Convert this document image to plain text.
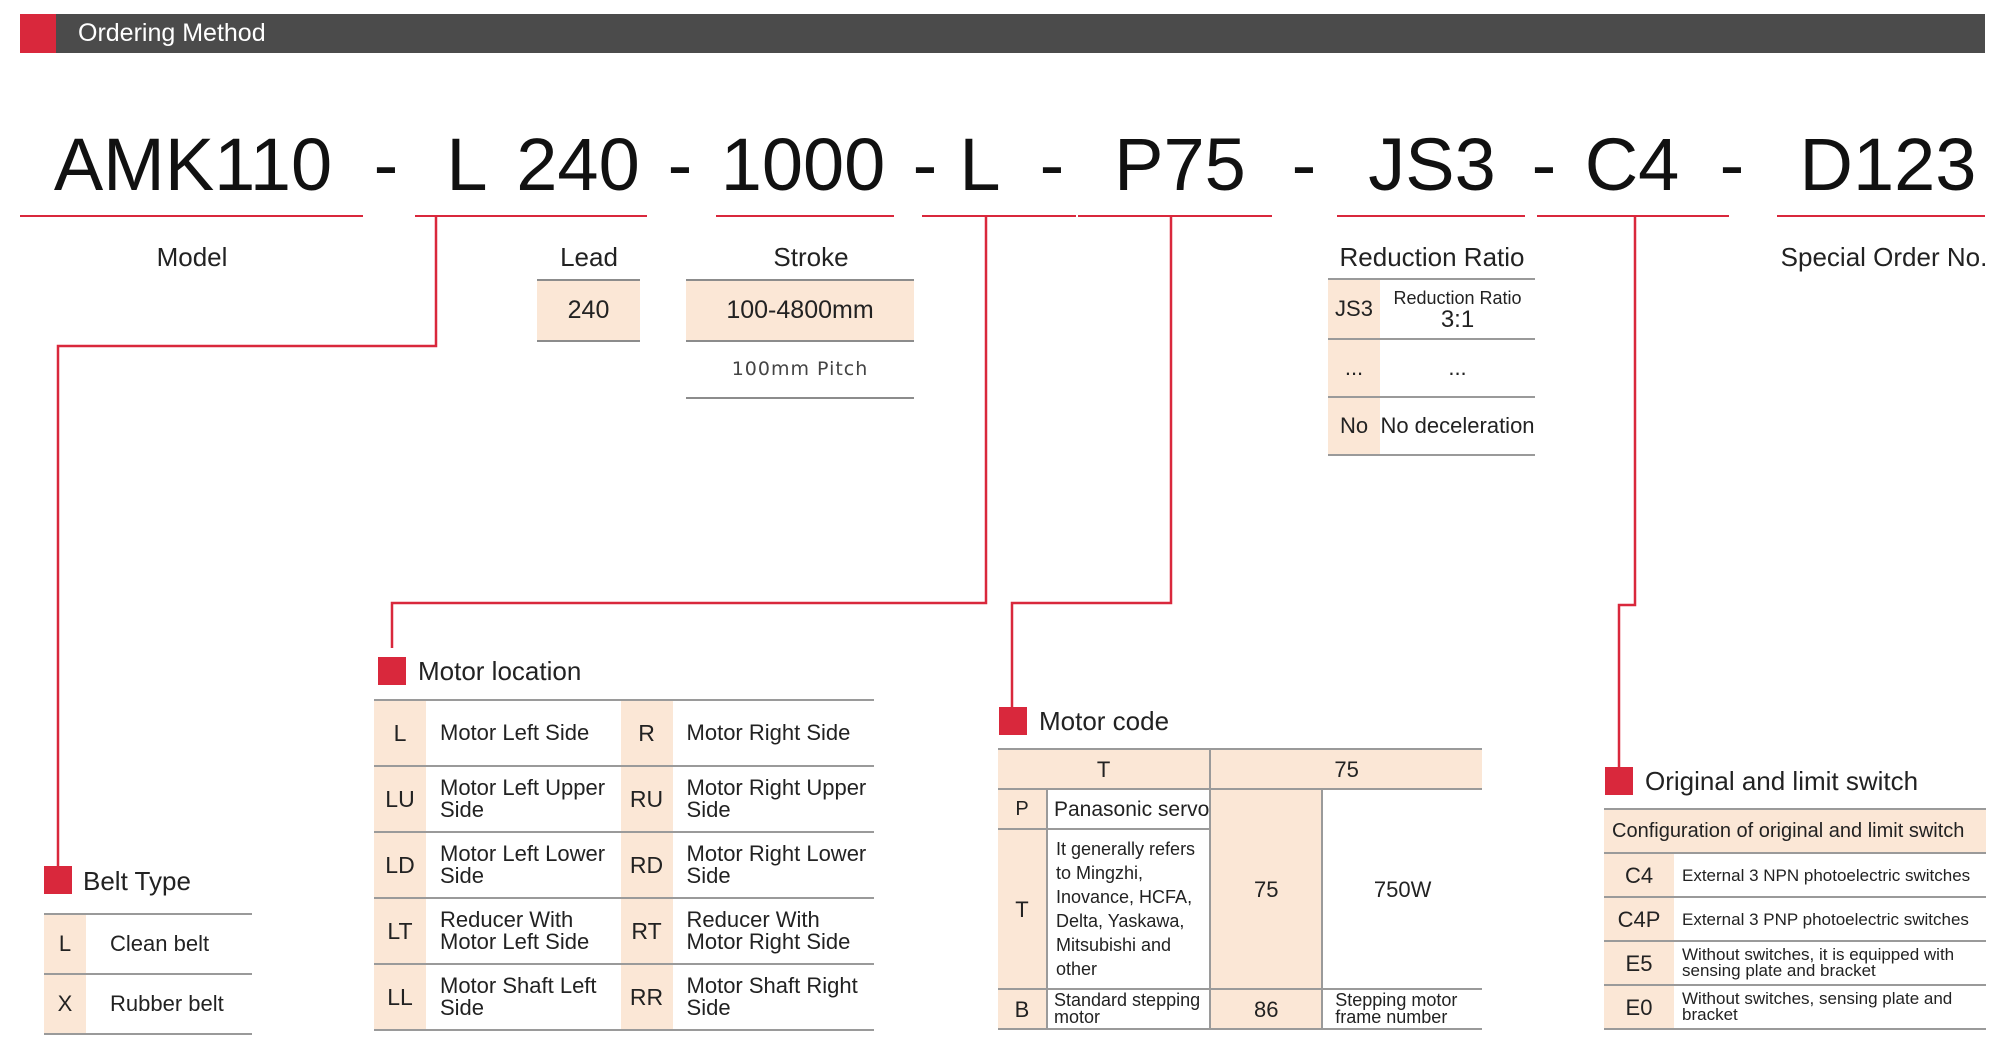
Ordering Method
AMK110 - L 240 - 1000 - L - P75 - JS3 - C4 - D123
Model	Lead	Stroke	Reduction Ratio	Special Order No.
240	100-4800mm
100mm Pitch
JS3	Reduction Ratio
3:1

...	...
No	No deceleration
Motor location
L	Motor Left Side	R	Motor Right Side
LU	Motor Left Upper Side	RU	Motor Right Upper Side
LD	Motor Left Lower Side	RD	Motor Right Lower Side
LT	Reducer With Motor Left Side	RT	Reducer With Motor Right Side
LL	Motor Shaft Left Side	RR	Motor Shaft Right Side
Belt Type
L	Clean belt
X	Rubber belt
Motor code
T		75	
P	Panasonic servo	75	750W
T	It generally refers to Mingzhi, Inovance, HCFA, Delta, Yaskawa, Mitsubishi and other		
B	Standard stepping motor	86	Stepping motor frame number
Original and limit switch
Configuration of original and limit switch	
C4	External 3 NPN photoelectric switches
C4P	External 3 PNP photoelectric switches
E5	Without switches, it is equipped with sensing plate and bracket
E0	Without switches, sensing plate and bracket
